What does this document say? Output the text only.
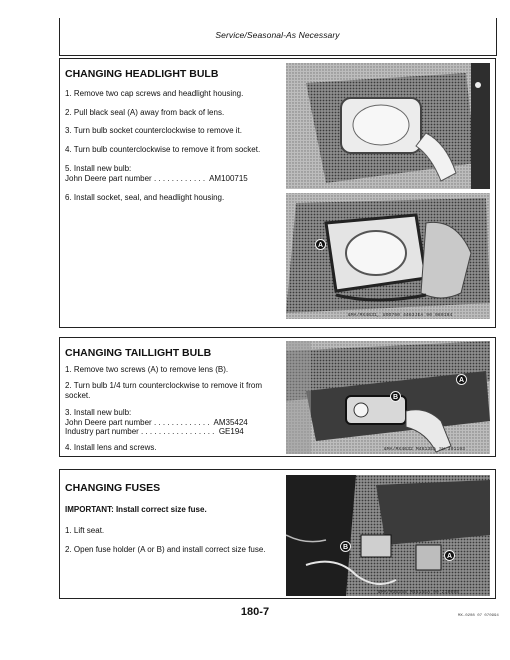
Service/Seasonal-As Necessary
CHANGING HEADLIGHT BULB
1. Remove two cap screws and headlight housing.
2. Pull black seal (A) away from back of lens.
3. Turn bulb socket counterclockwise to remove it.
4. Turn bulb counterclockwise to remove it from socket.
5. Install new bulb:
John Deere part number . . . . . . . . . . . .  AM100715
6. Install socket, seal, and headlight housing.
A
&MA/MX4631, UOO760 4463JEA 90 080194
CHANGING TAILLIGHT BULB
1. Remove two screws (A) to remove lens (B).
2. Turn bulb 1/4 turn counterclockwise to remove it from socket.
3. Install new bulb:
John Deere part number . . . . . . . . . . . . .  AM35424
Industry part number . . . . . . . . . . . . . . . . .  GE194
4. Install lens and screws.
A
B
&MA/MX4632 M4613EA SH 301193
CHANGING FUSES
IMPORTANT: Install correct size fuse.
1. Lift seat.
2. Open fuse holder (A or B) and install correct size fuse.	B
A
&MA/M36358 M4615EA 99 210695
180-7	MX-0208 07 070994
